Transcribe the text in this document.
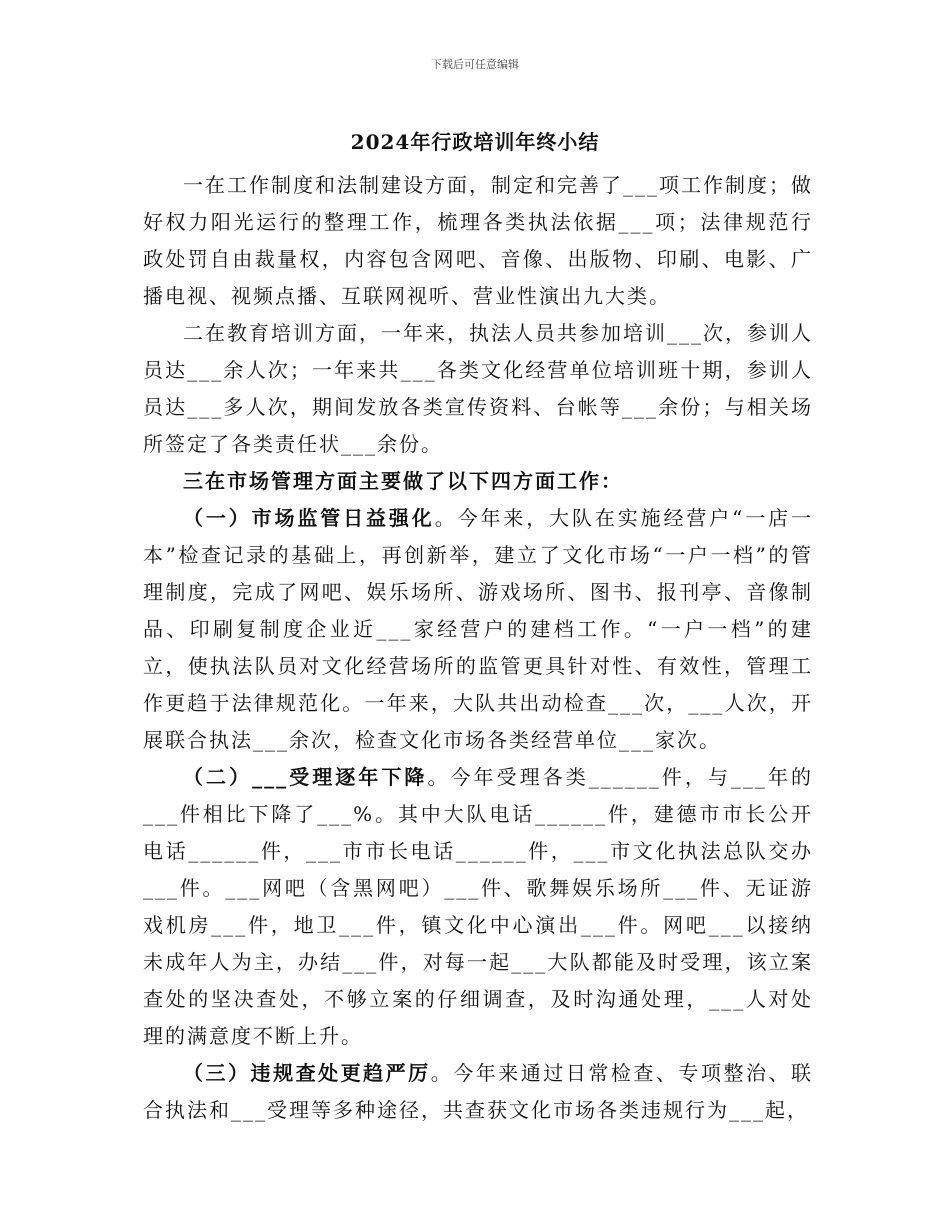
下载后可任意编辑
2024年行政培训年终小结

一在工作制度和法制建设方面，制定和完善了___项工作制度；做好权力阳光运行的整理工作，梳理各类执法依据___项；法律规范行政处罚自由裁量权，内容包含网吧、音像、出版物、印刷、电影、广播电视、视频点播、互联网视听、营业性演出九大类。

二在教育培训方面，一年来，执法人员共参加培训___次，参训人员达___余人次；一年来共___各类文化经营单位培训班十期，参训人员达___多人次，期间发放各类宣传资料、台帐等___余份；与相关场所签定了各类责任状___余份。

三在市场管理方面主要做了以下四方面工作：

（一）市场监管日益强化。今年来，大队在实施经营户“一店一本”检查记录的基础上，再创新举，建立了文化市场“一户一档”的管理制度，完成了网吧、娱乐场所、游戏场所、图书、报刊亭、音像制品、印刷复制度企业近___家经营户的建档工作。“一户一档”的建立，使执法队员对文化经营场所的监管更具针对性、有效性，管理工作更趋于法律规范化。一年来，大队共出动检查___次，___人次，开展联合执法___余次，检查文化市场各类经营单位___家次。

（二）___受理逐年下降。今年受理各类______件，与___年的___件相比下降了___%。其中大队电话______件，建德市市长公开电话______件，___市市长电话______件，___市文化执法总队交办___件。___网吧（含黑网吧）___件、歌舞娱乐场所___件、无证游戏机房___件，地卫___件，镇文化中心演出___件。网吧___以接纳未成年人为主，办结___件，对每一起___大队都能及时受理，该立案查处的坚决查处，不够立案的仔细调查，及时沟通处理，___人对处理的满意度不断上升。

（三）违规查处更趋严厉。今年来通过日常检查、专项整治、联合执法和___受理等多种途径，共查获文化市场各类违规行为___起，
